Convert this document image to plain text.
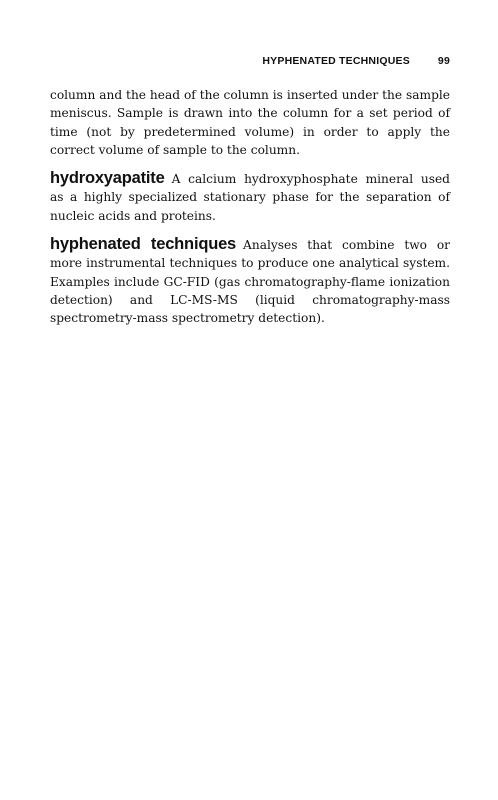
HYPHENATED TECHNIQUES	99

column and the head of the column is inserted under the sample meniscus. Sample is drawn into the column for a set period of time (not by predetermined volume) in order to apply the correct volume of sample to the column.

hydroxyapatite A calcium hydroxyphosphate mineral used as a highly specialized stationary phase for the separation of nucleic acids and proteins.

hyphenated techniques Analyses that combine two or more instrumental techniques to produce one analytical system. Examples include GC-FID (gas chromatography-flame ionization detection) and LC-MS-MS (liquid chromatography-mass spectrometry-mass spectrometry detection).
